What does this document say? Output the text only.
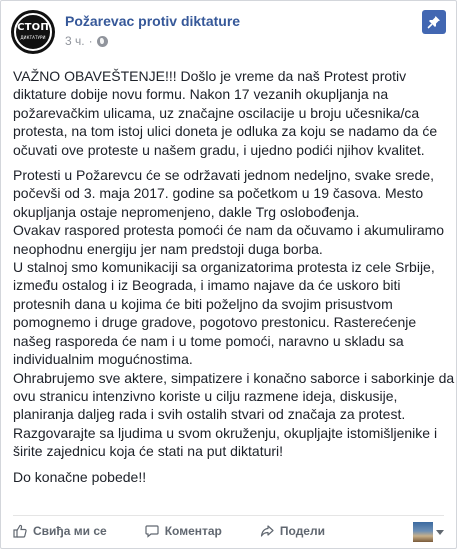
СТОП
ДИКТАТУРИ
Požarevac protiv diktature
3 ч. ·
VAŽNO OBAVEŠTENJE!!! Došlo je vreme da naš Protest protiv
diktature dobije novu formu. Nakon 17 vezanih okupljanja na
požarevačkim ulicama, uz značajne oscilacije u broju učesnika/ca
protesta, na tom istoj ulici doneta je odluka za koju se nadamo da će
očuvati ove proteste u našem gradu, i ujedno podići njihov kvalitet.
Protesti u Požarevcu će se održavati jednom nedeljno, svake srede,
počevši od 3. maja 2017. godine sa početkom u 19 časova. Mesto
okupljanja ostaje nepromenjeno, dakle Trg oslobođenja.
Ovakav raspored protesta pomoći će nam da očuvamo i akumuliramo
neophodnu energiju jer nam predstoji duga borba.
U stalnoj smo komunikaciji sa organizatorima protesta iz cele Srbije,
između ostalog i iz Beograda, i imamo najave da će uskoro biti
protesnih dana u kojima će biti poželjno da svojim prisustvom
pomognemo i druge gradove, pogotovo prestonicu. Rasterećenje
našeg rasporeda će nam i u tome pomoći, naravno u skladu sa
individualnim mogućnostima.
Ohrabrujemo sve aktere, simpatizere i konačno saborce i saborkinje da
ovu stranicu intenzivno koriste u cilju razmene ideja, diskusije,
planiranja daljeg rada i svih ostalih stvari od značaja za protest.
Razgovarajte sa ljudima u svom okruženju, okupljajte istomišljenike i
širite zajednicu koja će stati na put diktaturi!
Do konačne pobede!!
Свиђа ми се	Коментар	Подели
